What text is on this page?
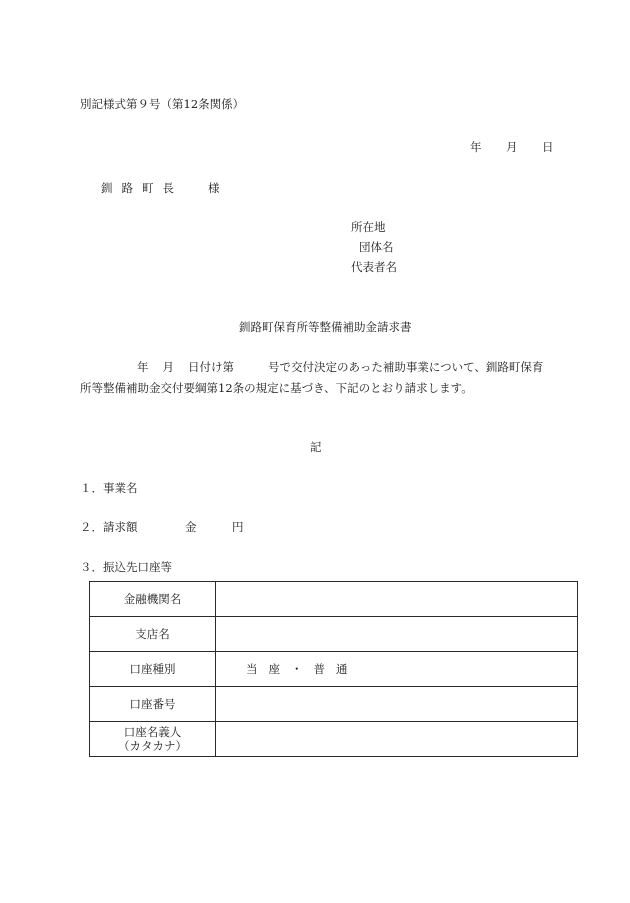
別記様式第９号（第12条関係）
年 月 日
釧路町長 様
所在地
団体名
代表者名
釧路町保育所等整備補助金請求書
年 月 日付け第	号で交付決定のあった補助事業について、釧路町保育
所等整備補助金交付要綱第12条の規定に基づき、下記のとおり請求します。
記
１．事業名
２．請求額	金	円
３．振込先口座等
金融機関名	
支店名	
口座種別	当座・普通
口座番号	

口座名義人
（カタカナ）	
